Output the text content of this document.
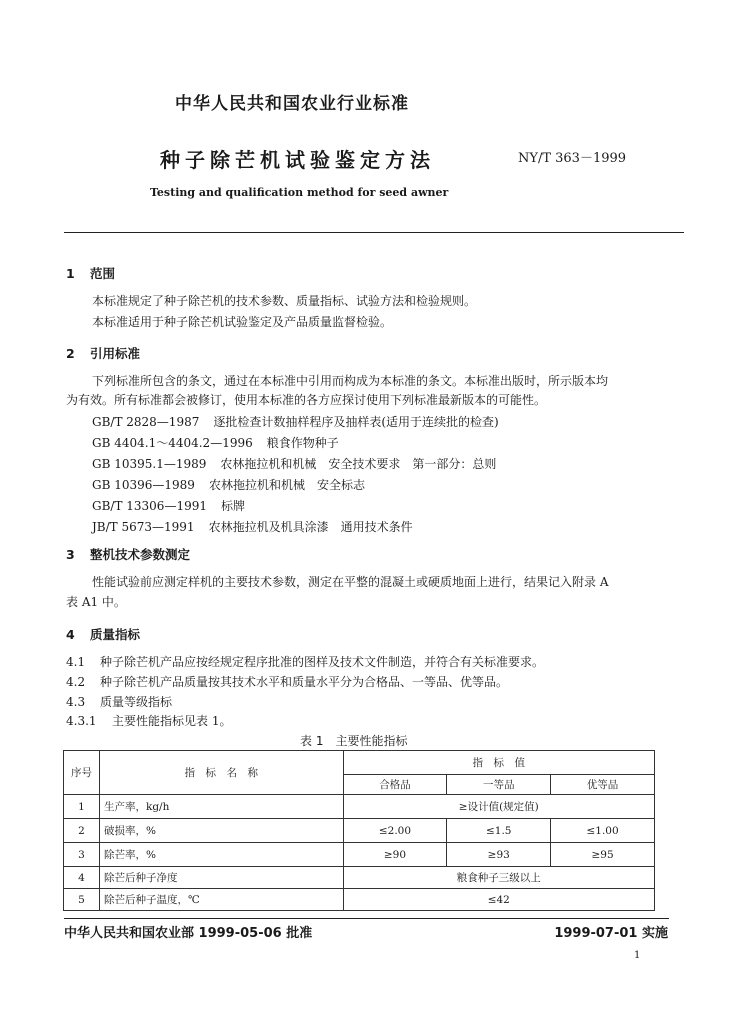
中华人民共和国农业行业标准
种子除芒机试验鉴定方法	NY/T 363－1999
Testing and qualification method for seed awner
1 范围
本标准规定了种子除芒机的技术参数、质量指标、试验方法和检验规则。
本标准适用于种子除芒机试验鉴定及产品质量监督检验。
2 引用标准
下列标准所包含的条文，通过在本标准中引用而构成为本标准的条文。本标准出版时，所示版本均
为有效。所有标准都会被修订，使用本标准的各方应探讨使用下列标准最新版本的可能性。
GB/T 2828—1987 逐批检查计数抽样程序及抽样表(适用于连续批的检查)
GB 4404.1～4404.2—1996 粮食作物种子
GB 10395.1—1989 农林拖拉机和机械　安全技术要求　第一部分：总则
GB 10396—1989 农林拖拉机和机械　安全标志
GB/T 13306—1991 标牌
JB/T 5673—1991 农林拖拉机及机具涂漆　通用技术条件
3 整机技术参数测定
性能试验前应测定样机的主要技术参数，测定在平整的混凝土或硬质地面上进行，结果记入附录 A
表 A1 中。
4 质量指标
4.1 种子除芒机产品应按经规定程序批准的图样及技术文件制造，并符合有关标准要求。
4.2 种子除芒机产品质量按其技术水平和质量水平分为合格品、一等品、优等品。
4.3 质量等级指标
4.3.1 主要性能指标见表 1。
表 1　主要性能指标
序号	指　标　名　称	指　标　值		
		合格品	一等品	优等品
1	生产率，kg/h	≥设计值(规定值)		
2	破损率，%	≤2.00	≤1.5	≤1.00
3	除芒率，%	≥90	≥93	≥95
4	除芒后种子净度	粮食种子三级以上		
5	除芒后种子温度，℃	≤42		
中华人民共和国农业部 1999-05-06 批准	1999-07-01 实施
1
